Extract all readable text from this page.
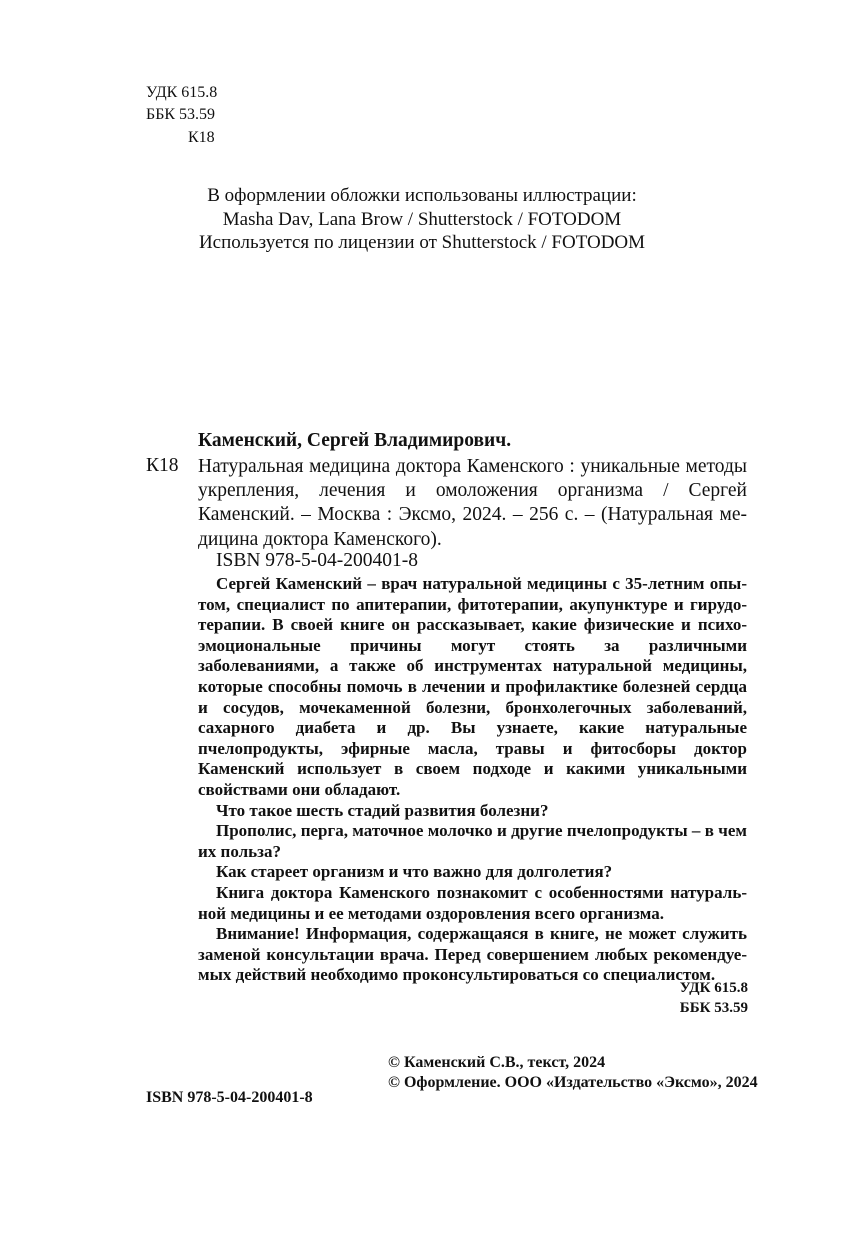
УДК 615.8
ББК 53.59
К18
В оформлении обложки использованы иллюстрации:
Masha Dav, Lana Brow / Shutterstock / FOTODOM
Используется по лицензии от Shutterstock / FOTODOM
Каменский, Сергей Владимирович.
К18 Натуральная медицина доктора Каменского : уникальные методы укрепления, лечения и омоложения организма / Сергей Каменский. – Москва : Эксмо, 2024. – 256 с. – (Натуральная медицина доктора Каменского).
ISBN 978-5-04-200401-8

Сергей Каменский – врач натуральной медицины с 35-летним опытом, специалист по апитерапии, фитотерапии, акупунктуре и гирудотерапии. В своей книге он рассказывает, какие физические и психоэмоциональные причины могут стоять за различными заболеваниями, а также об инструментах натуральной медицины, которые способны помочь в лечении и профилактике болезней сердца и сосудов, мочекаменной болезни, бронхолегочных заболеваний, сахарного диабета и др. Вы узнаете, какие натуральные пчелопродукты, эфирные масла, травы и фитосборы доктор Каменский использует в своем подходе и какими уникальными свойствами они обладают.

Что такое шесть стадий развития болезни?

Прополис, перга, маточное молочко и другие пчелопродукты – в чем их польза?

Как стареет организм и что важно для долголетия?

Книга доктора Каменского познакомит с особенностями натуральной медицины и ее методами оздоровления всего организма.

Внимание! Информация, содержащаяся в книге, не может служить заменой консультации врача. Перед совершением любых рекомендуемых действий необходимо проконсультироваться со специалистом.

УДК 615.8
ББК 53.59

© Каменский С.В., текст, 2024

© Оформление. ООО «Издательство «Эксмо», 2024

ISBN 978-5-04-200401-8
